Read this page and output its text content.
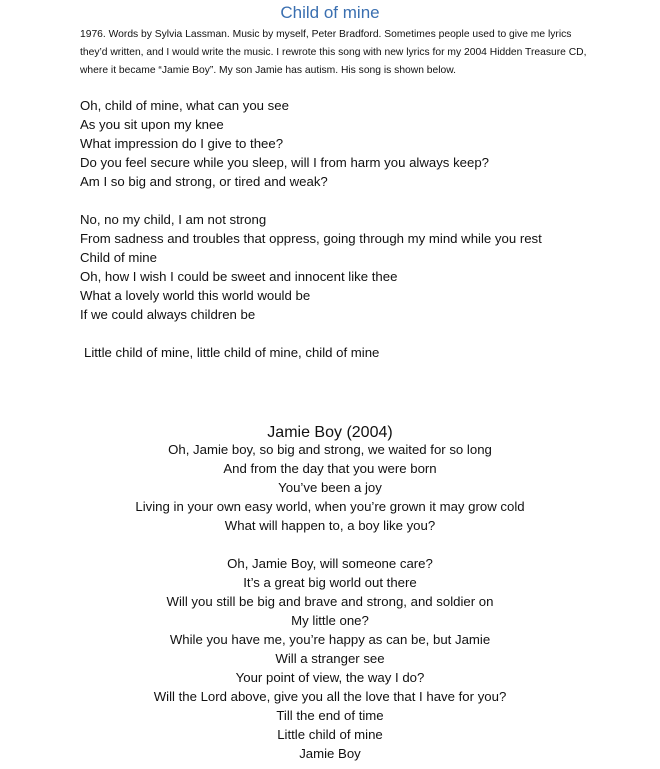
Child of mine

1976. Words by Sylvia Lassman. Music by myself, Peter Bradford. Sometimes people used to give me lyrics they’d written, and I would write the music. I rewrote this song with new lyrics for my 2004 Hidden Treasure CD, where it became “Jamie Boy”. My son Jamie has autism. His song is shown below.

Oh, child of mine, what can you see
As you sit upon my knee
What impression do I give to thee?
Do you feel secure while you sleep, will I from harm you always keep?
Am I so big and strong, or tired and weak?
No, no my child, I am not strong
From sadness and troubles that oppress, going through my mind while you rest
Child of mine
Oh, how I wish I could be sweet and innocent like thee
What a lovely world this world would be
If we could always children be
Little child of mine, little child of mine, child of mine
Jamie Boy (2004)
Oh, Jamie boy, so big and strong, we waited for so long
And from the day that you were born
You’ve been a joy
Living in your own easy world, when you’re grown it may grow cold
What will happen to, a boy like you?
Oh, Jamie Boy, will someone care?
It’s a great big world out there
Will you still be big and brave and strong, and soldier on
My little one?
While you have me, you’re happy as can be, but Jamie
Will a stranger see
Your point of view, the way I do?
Will the Lord above, give you all the love that I have for you?
Till the end of time
Little child of mine
Jamie Boy
